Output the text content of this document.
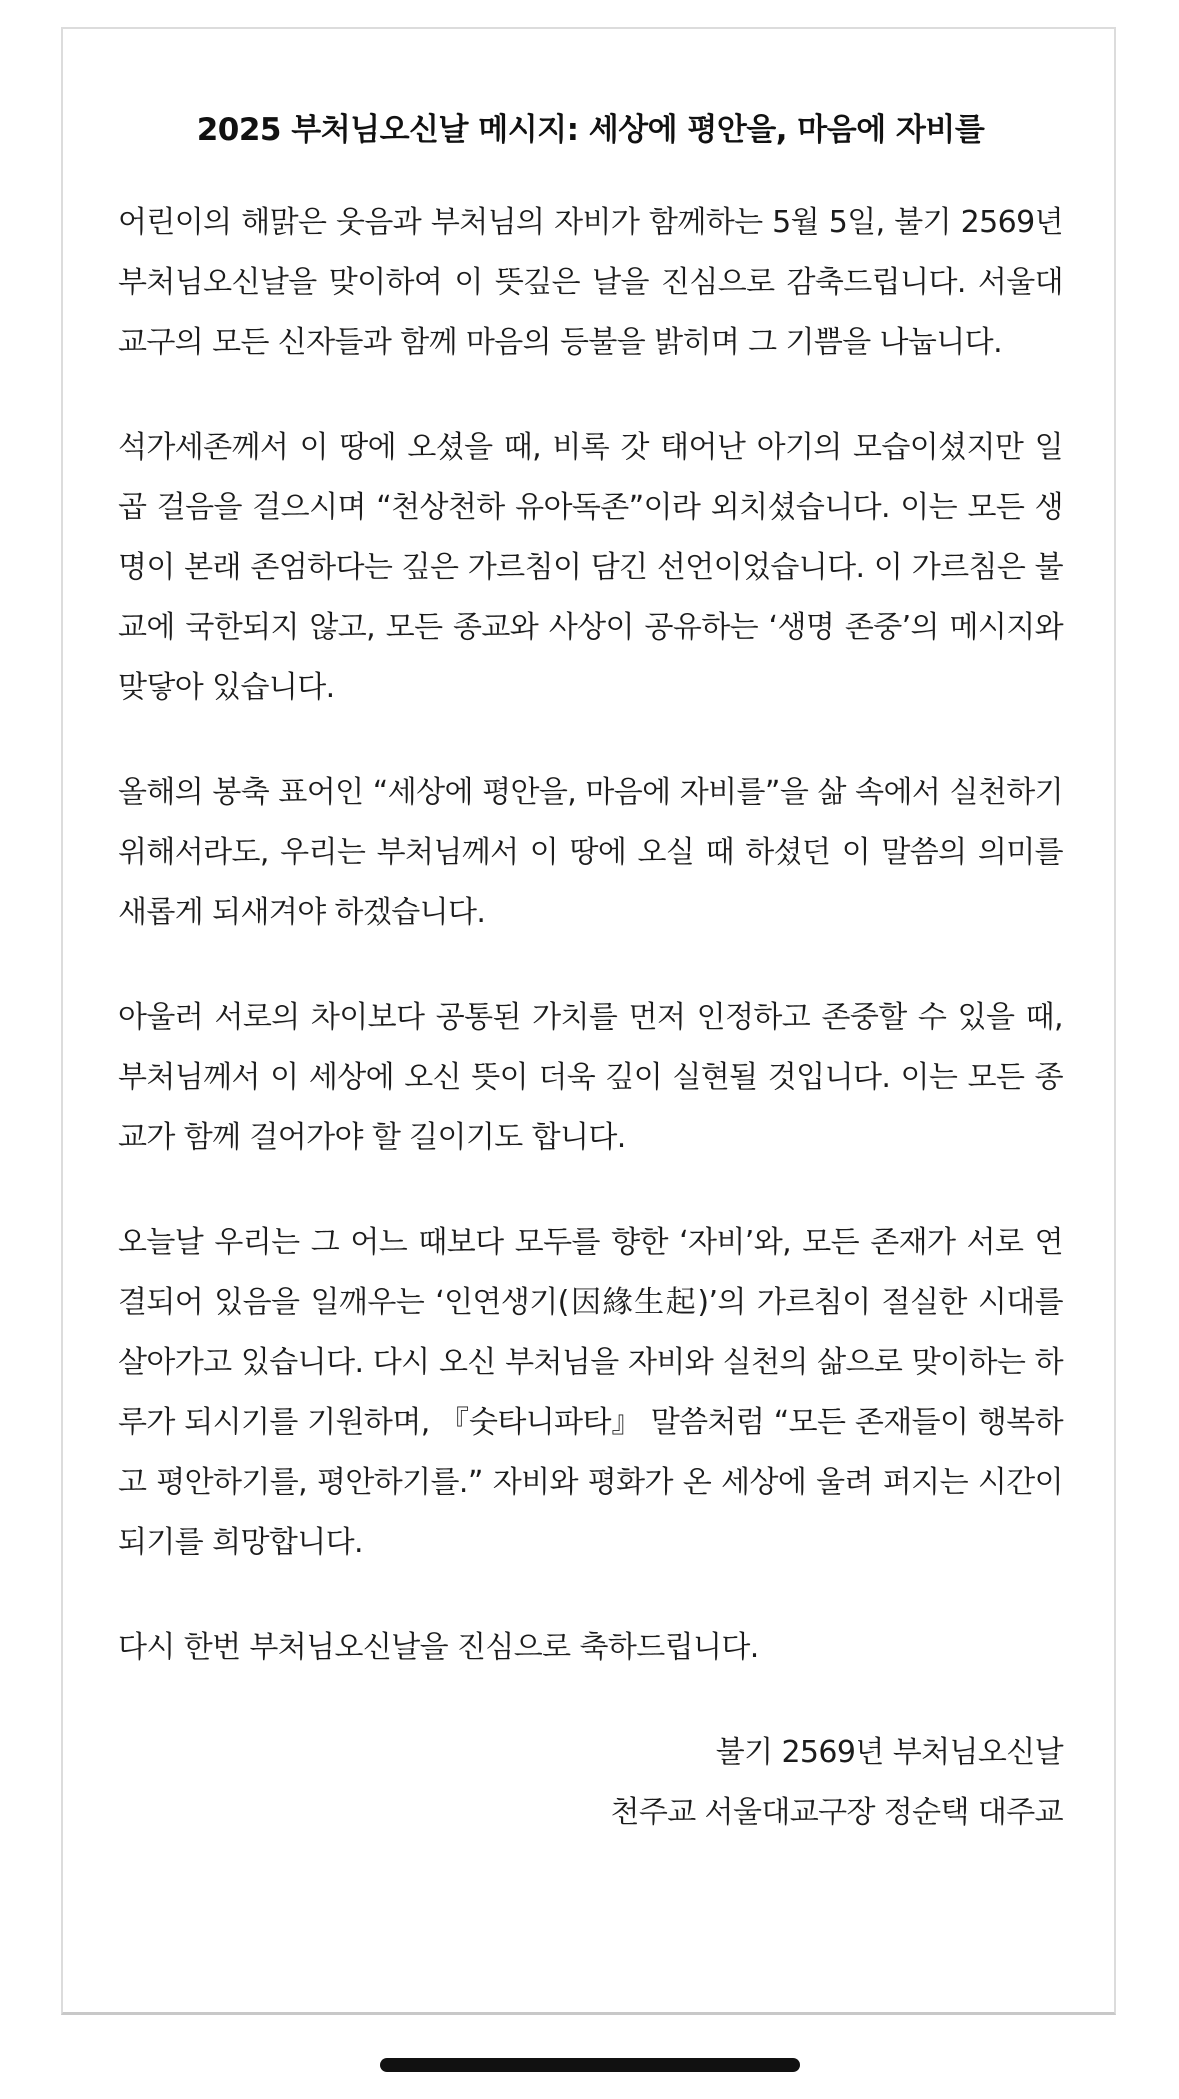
2025 부처님오신날 메시지: 세상에 평안을, 마음에 자비를

어린이의 해맑은 웃음과 부처님의 자비가 함께하는 5월 5일, 불기 2569년 부처님오신날을 맞이하여 이 뜻깊은 날을 진심으로 감축드립니다. 서울대교구의 모든 신자들과 함께 마음의 등불을 밝히며 그 기쁨을 나눕니다.

석가세존께서 이 땅에 오셨을 때, 비록 갓 태어난 아기의 모습이셨지만 일곱 걸음을 걸으시며 “천상천하 유아독존”이라 외치셨습니다. 이는 모든 생명이 본래 존엄하다는 깊은 가르침이 담긴 선언이었습니다. 이 가르침은 불교에 국한되지 않고, 모든 종교와 사상이 공유하는 ‘생명 존중’의 메시지와 맞닿아 있습니다.

올해의 봉축 표어인 “세상에 평안을, 마음에 자비를”을 삶 속에서 실천하기 위해서라도, 우리는 부처님께서 이 땅에 오실 때 하셨던 이 말씀의 의미를 새롭게 되새겨야 하겠습니다.

아울러 서로의 차이보다 공통된 가치를 먼저 인정하고 존중할 수 있을 때, 부처님께서 이 세상에 오신 뜻이 더욱 깊이 실현될 것입니다. 이는 모든 종교가 함께 걸어가야 할 길이기도 합니다.

오늘날 우리는 그 어느 때보다 모두를 향한 ‘자비’와, 모든 존재가 서로 연결되어 있음을 일깨우는 ‘인연생기(因緣生起)’의 가르침이 절실한 시대를 살아가고 있습니다. 다시 오신 부처님을 자비와 실천의 삶으로 맞이하는 하루가 되시기를 기원하며, 『숫타니파타』 말씀처럼 “모든 존재들이 행복하고 평안하기를, 평안하기를.” 자비와 평화가 온 세상에 울려 퍼지는 시간이 되기를 희망합니다.

다시 한번 부처님오신날을 진심으로 축하드립니다.

불기 2569년 부처님오신날
천주교 서울대교구장 정순택 대주교
